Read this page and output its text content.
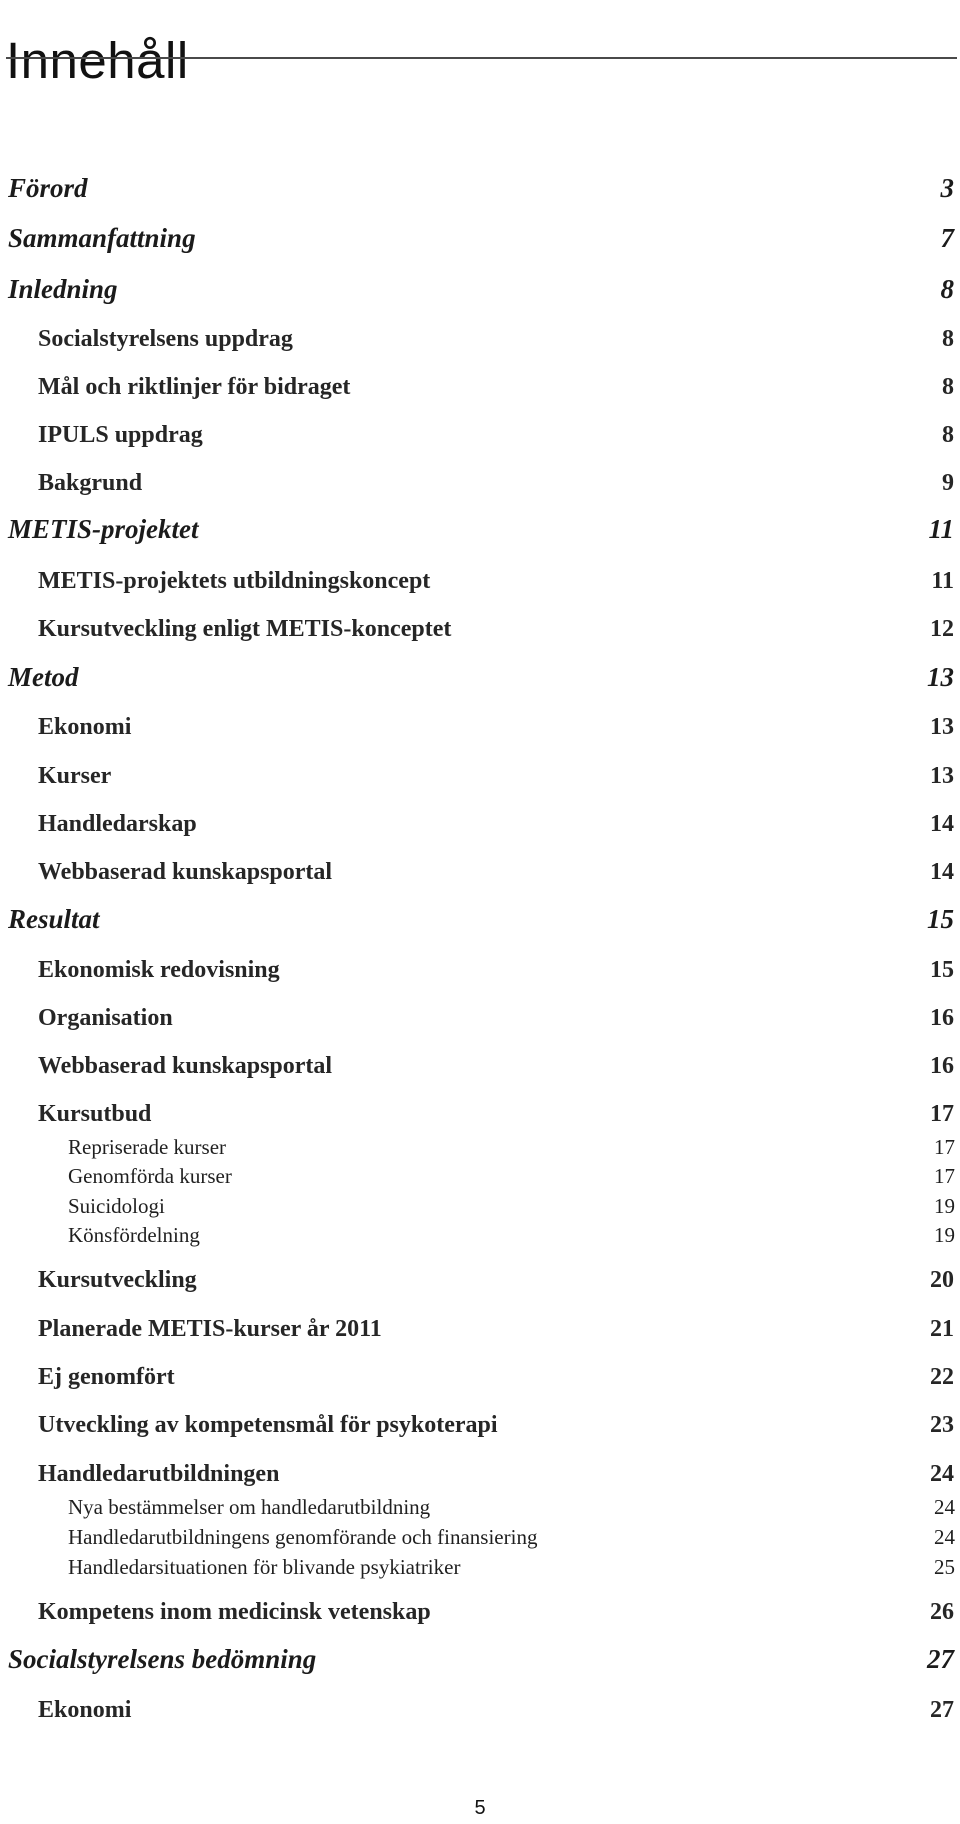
Innehåll
Förord	3
Sammanfattning	7
Inledning	8
Socialstyrelsens uppdrag	8
Mål och riktlinjer för bidraget	8
IPULS uppdrag	8
Bakgrund	9
METIS-projektet	11
METIS-projektets utbildningskoncept	11
Kursutveckling enligt METIS-konceptet	12
Metod	13
Ekonomi	13
Kurser	13
Handledarskap	14
Webbaserad kunskapsportal	14
Resultat	15
Ekonomisk redovisning	15
Organisation	16
Webbaserad kunskapsportal	16
Kursutbud	17
Repriserade kurser	17
Genomförda kurser	17
Suicidologi	19
Könsfördelning	19
Kursutveckling	20
Planerade METIS-kurser år 2011	21
Ej genomfört	22
Utveckling av kompetensmål för psykoterapi	23
Handledarutbildningen	24
Nya bestämmelser om handledarutbildning	24
Handledarutbildningens genomförande och finansiering	24
Handledarsituationen för blivande psykiatriker	25
Kompetens inom medicinsk vetenskap	26
Socialstyrelsens bedömning	27
Ekonomi	27
5
